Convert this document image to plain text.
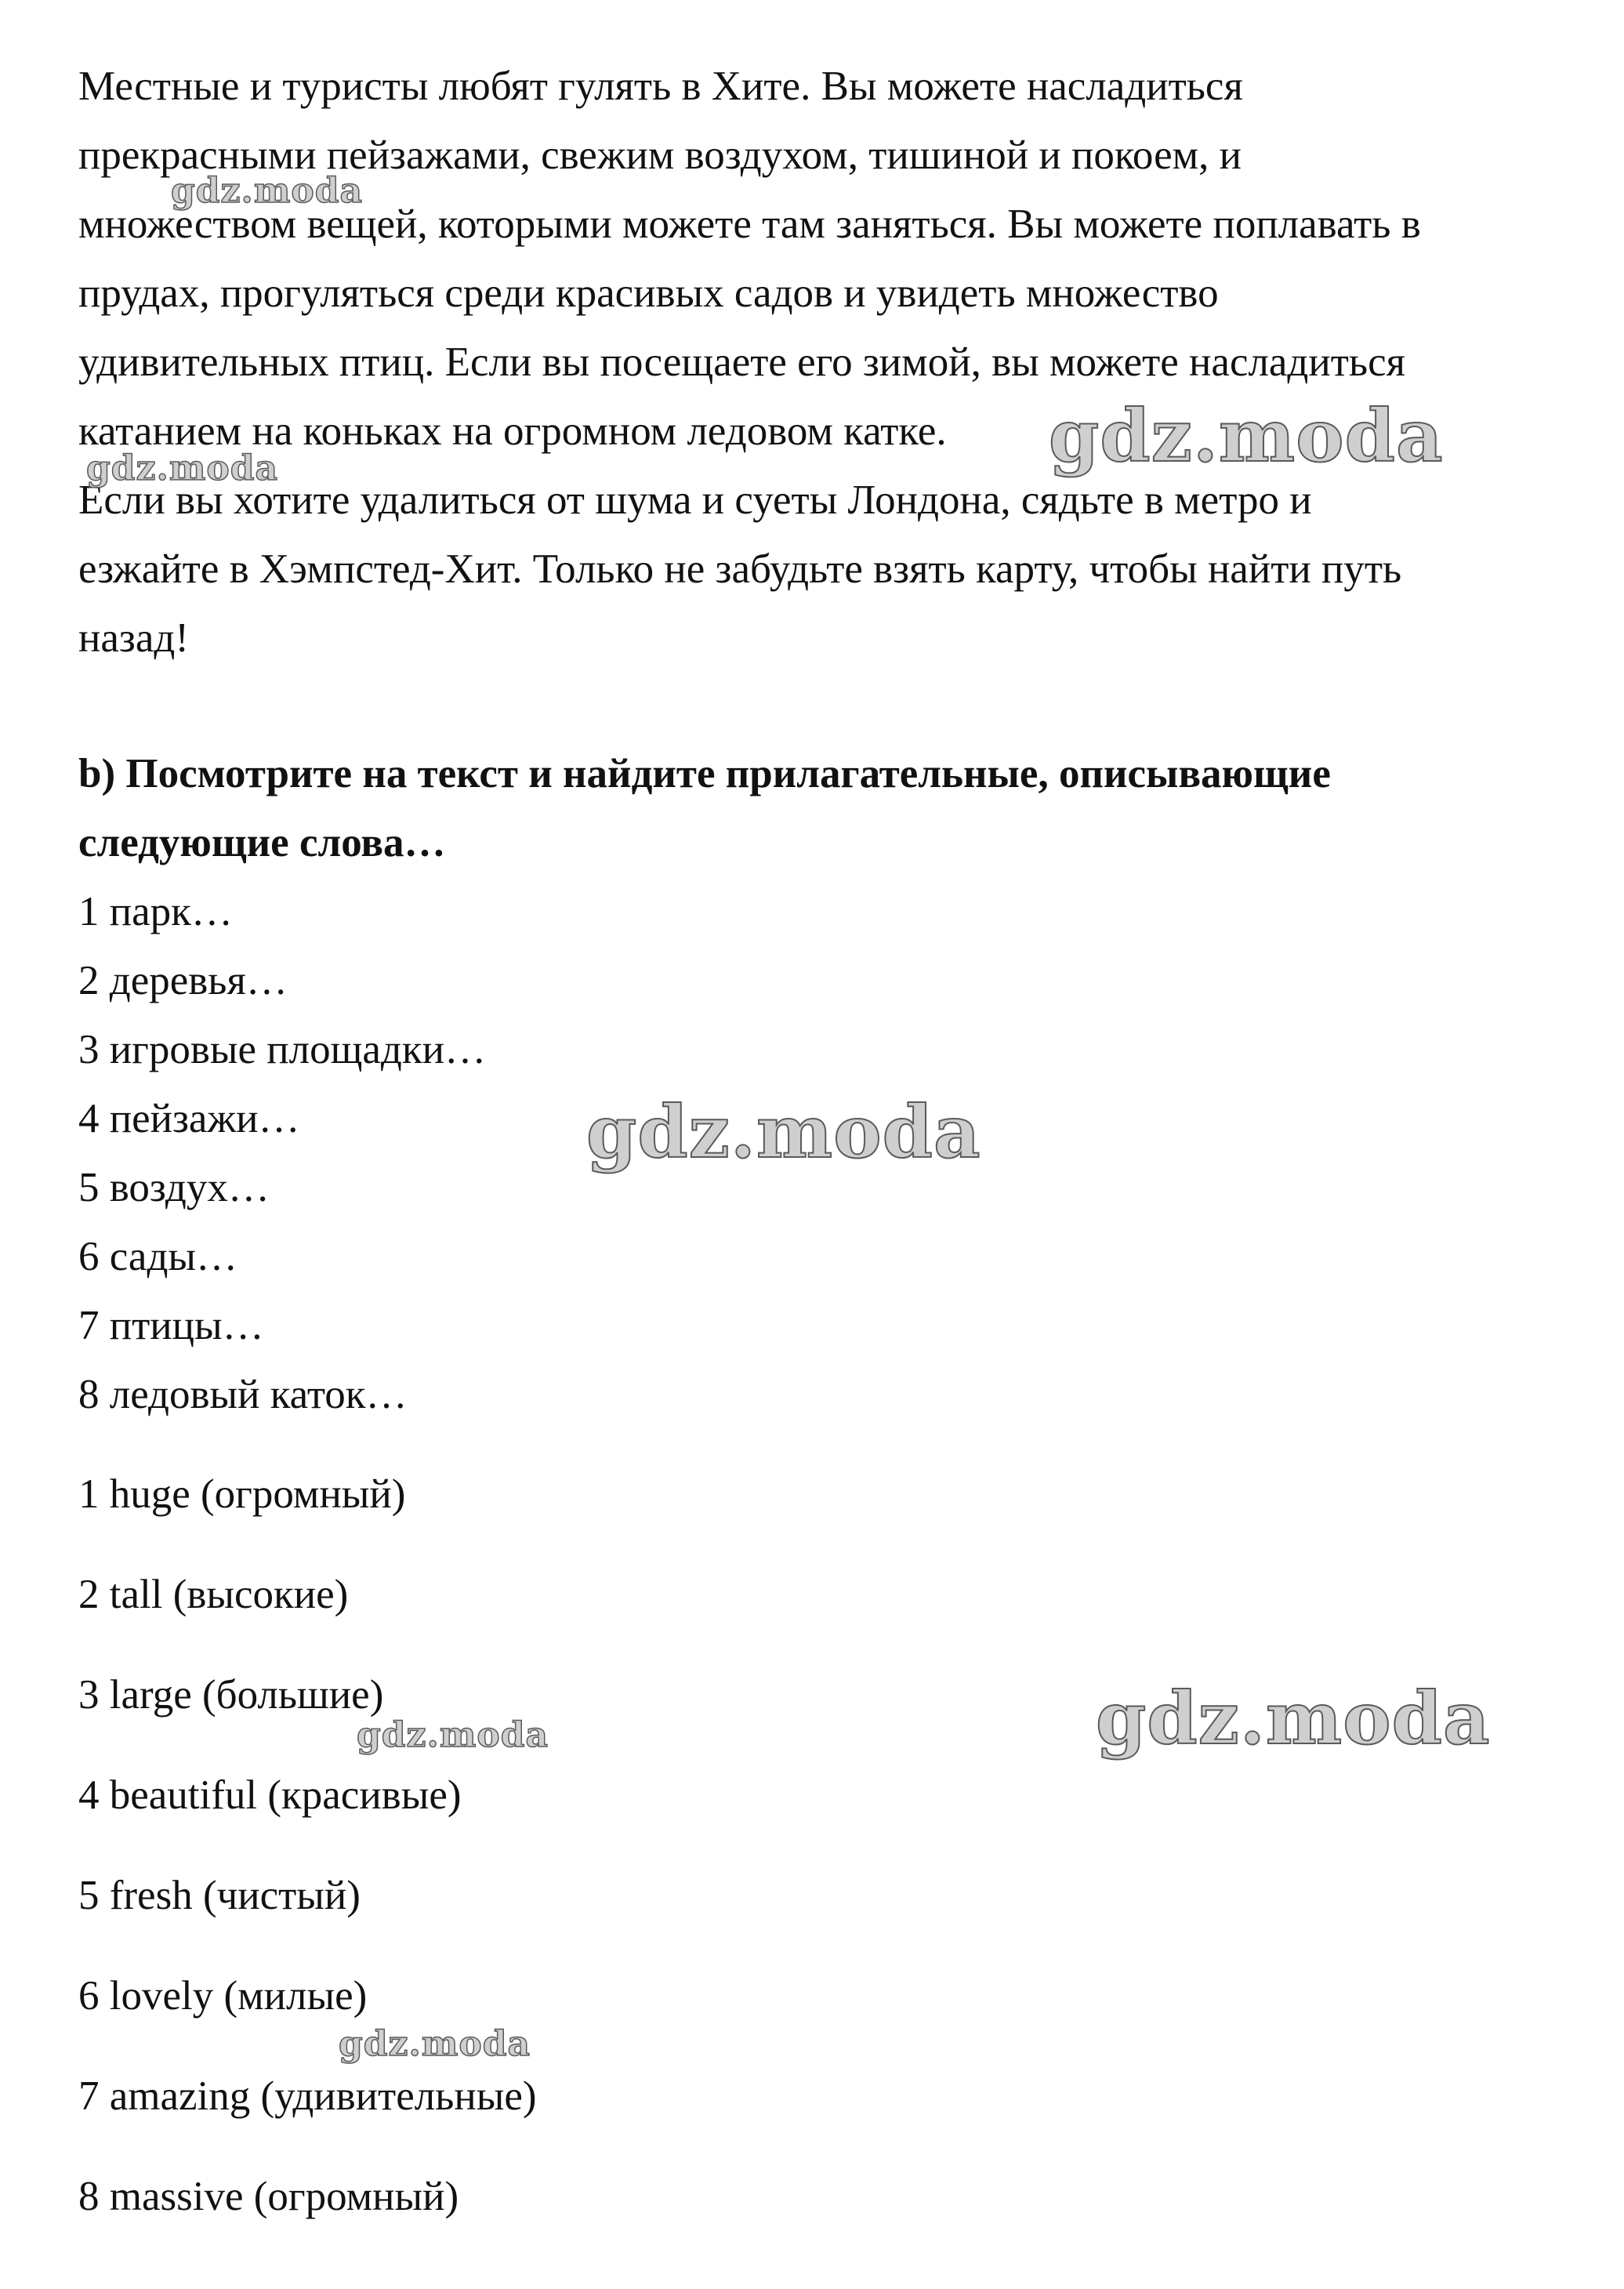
Местные и туристы любят гулять в Хите. Вы можете насладиться
прекрасными пейзажами, свежим воздухом, тишиной и покоем, и
множеством вещей, которыми можете там заняться. Вы можете поплавать в
прудах, прогуляться среди красивых садов и увидеть множество
удивительных птиц. Если вы посещаете его зимой, вы можете насладиться
катанием на коньках на огромном ледовом катке.
Если вы хотите удалиться от шума и суеты Лондона, сядьте в метро и
езжайте в Хэмпстед-Хит. Только не забудьте взять карту, чтобы найти путь
назад!
b) Посмотрите на текст и найдите прилагательные, описывающие
следующие слова…
1 парк…
2 деревья…
3 игровые площадки…
4 пейзажи…
5 воздух…
6 сады…
7 птицы…
8 ледовый каток…
1 huge (огромный)
2 tall (высокие)
3 large (большие)
4 beautiful (красивые)
5 fresh (чистый)
6 lovely (милые)
7 amazing (удивительные)
8 massive (огромный)
gdz.moda
gdz.moda
gdz.moda
gdz.moda
gdz.moda	gdz.moda
gdz.moda
